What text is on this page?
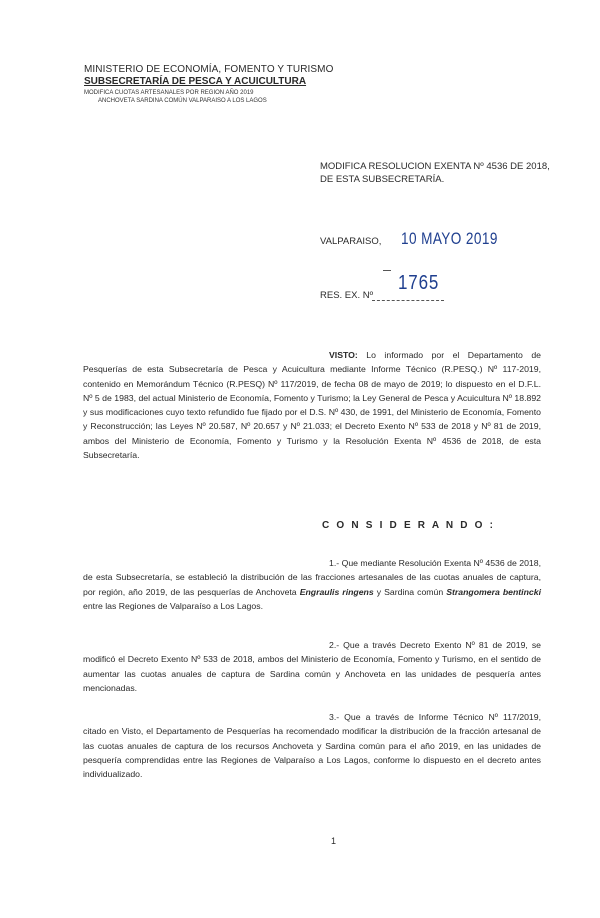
MINISTERIO DE ECONOMÍA, FOMENTO Y TURISMO
SUBSECRETARÍA DE PESCA Y ACUICULTURA
MODIFICA CUOTAS ARTESANALES POR REGION AÑO 2019
ANCHOVETA SARDINA COMÚN VALPARAISO A LOS LAGOS
MODIFICA RESOLUCION EXENTA Nº 4536 DE 2018,
DE ESTA SUBSECRETARÍA.
VALPARAISO, 10 MAYO 2019
RES. EX. Nº
1765
VISTO: Lo informado por el Departamento de Pesquerías de esta Subsecretaría de Pesca y Acuicultura mediante Informe Técnico (R.PESQ.) Nº 117-2019, contenido en Memorándum Técnico (R.PESQ) Nº 117/2019, de fecha 08 de mayo de 2019; lo dispuesto en el D.F.L. Nº 5 de 1983, del actual Ministerio de Economía, Fomento y Turismo; la Ley General de Pesca y Acuicultura Nº 18.892 y sus modificaciones cuyo texto refundido fue fijado por el D.S. Nº 430, de 1991, del Ministerio de Economía, Fomento y Reconstrucción; las Leyes Nº 20.587, Nº 20.657 y Nº 21.033; el Decreto Exento Nº 533 de 2018 y Nº 81 de 2019, ambos del Ministerio de Economía, Fomento y Turismo y la Resolución Exenta Nº 4536 de 2018, de esta Subsecretaría.
C O N S I D E R A N D O :
1.- Que mediante Resolución Exenta Nº 4536 de 2018, de esta Subsecretaría, se estableció la distribución de las fracciones artesanales de las cuotas anuales de captura, por región, año 2019, de las pesquerías de Anchoveta Engraulis ringens y Sardina común Strangomera bentincki entre las Regiones de Valparaíso a Los Lagos.
2.- Que a través Decreto Exento Nº 81 de 2019, se modificó el Decreto Exento Nº 533 de 2018, ambos del Ministerio de Economía, Fomento y Turismo, en el sentido de aumentar las cuotas anuales de captura de Sardina común y Anchoveta en las unidades de pesquería antes mencionadas.
3.- Que a través de Informe Técnico Nº 117/2019, citado en Visto, el Departamento de Pesquerías ha recomendado modificar la distribución de la fracción artesanal de las cuotas anuales de captura de los recursos Anchoveta y Sardina común para el año 2019, en las unidades de pesquería comprendidas entre las Regiones de Valparaíso a Los Lagos, conforme lo dispuesto en el decreto antes individualizado.
1
